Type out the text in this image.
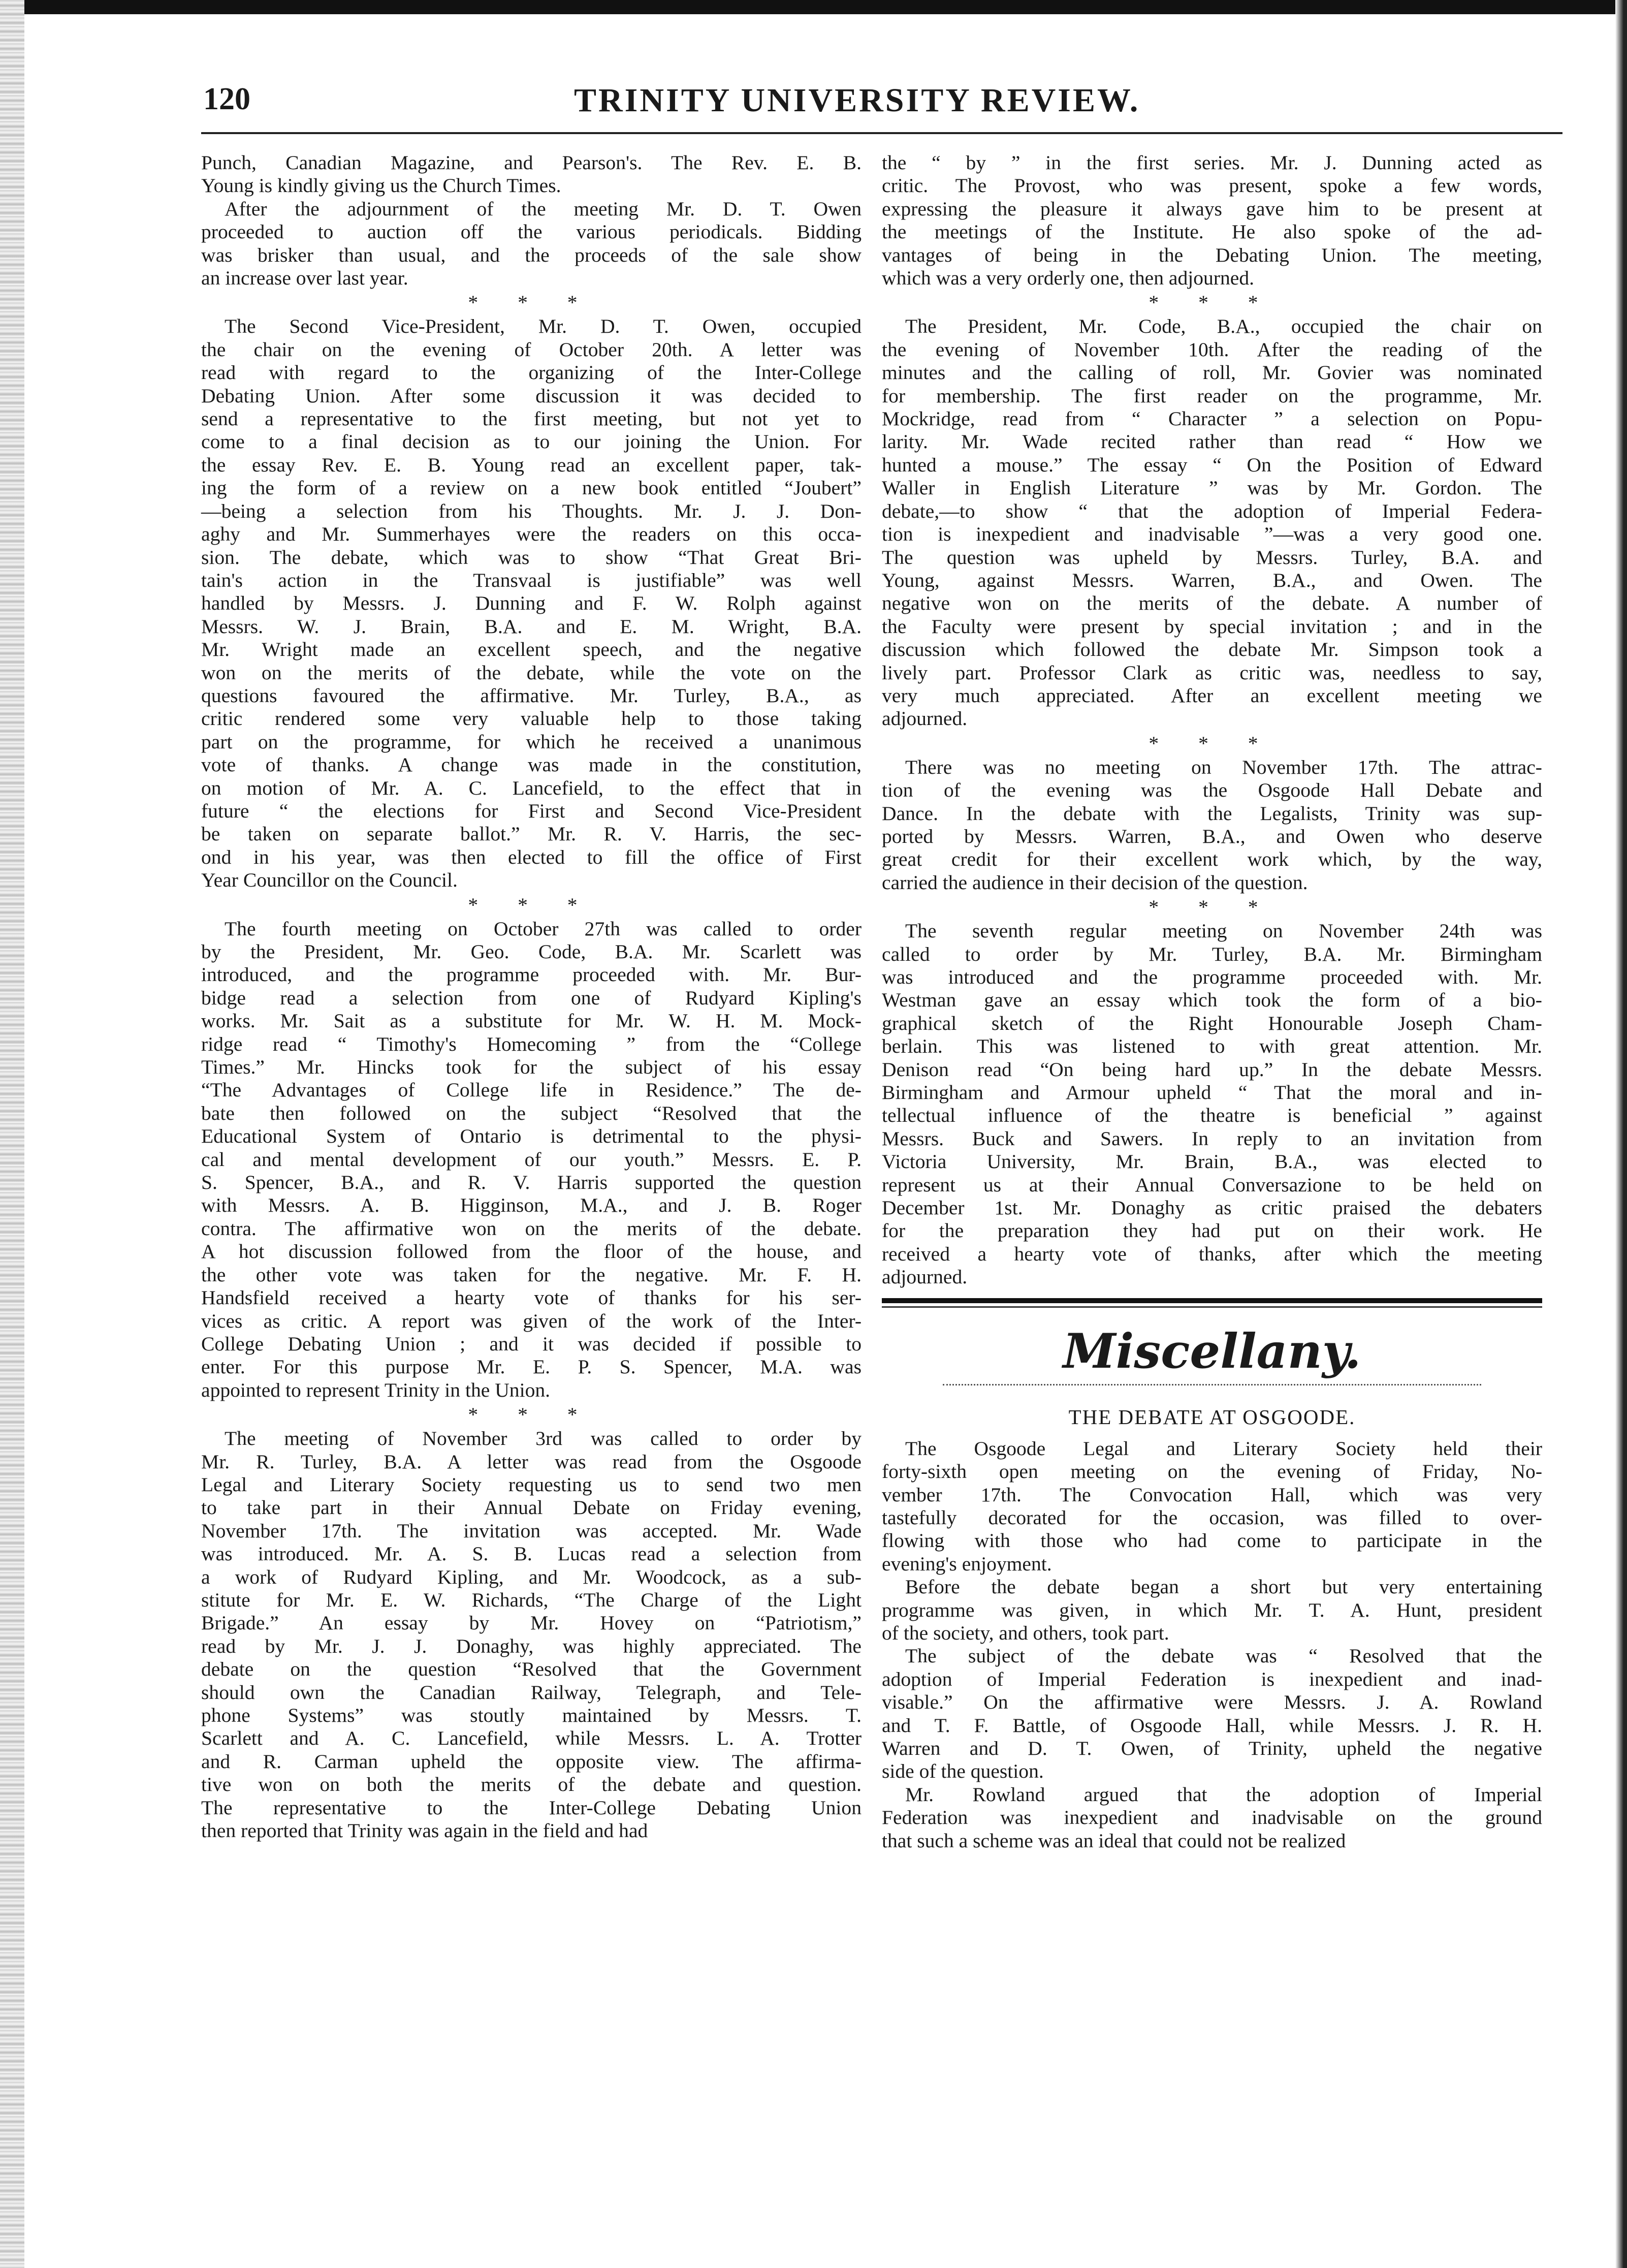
120	TRINITY UNIVERSITY REVIEW.

Punch, Canadian Magazine, and Pearson's. The Rev. E. B.

Young is kindly giving us the Church Times.

After the adjournment of the meeting Mr. D. T. Owen

proceeded to auction off the various periodicals. Bidding

was brisker than usual, and the proceeds of the sale show

an increase over last year.

* * *

The Second Vice-President, Mr. D. T. Owen, occupied

the chair on the evening of October 20th. A letter was

read with regard to the organizing of the Inter-College

Debating Union. After some discussion it was decided to

send a representative to the first meeting, but not yet to

come to a final decision as to our joining the Union. For

the essay Rev. E. B. Young read an excellent paper, tak-

ing the form of a review on a new book entitled “Joubert”

—being a selection from his Thoughts. Mr. J. J. Don-

aghy and Mr. Summerhayes were the readers on this occa-

sion. The debate, which was to show “That Great Bri-

tain's action in the Transvaal is justifiable” was well

handled by Messrs. J. Dunning and F. W. Rolph against

Messrs. W. J. Brain, B.A. and E. M. Wright, B.A.

Mr. Wright made an excellent speech, and the negative

won on the merits of the debate, while the vote on the

questions favoured the affirmative. Mr. Turley, B.A., as

critic rendered some very valuable help to those taking

part on the programme, for which he received a unanimous

vote of thanks. A change was made in the constitution,

on motion of Mr. A. C. Lancefield, to the effect that in

future “ the elections for First and Second Vice-President

be taken on separate ballot.” Mr. R. V. Harris, the sec-

ond in his year, was then elected to fill the office of First

Year Councillor on the Council.

* * *

The fourth meeting on October 27th was called to order

by the President, Mr. Geo. Code, B.A. Mr. Scarlett was

introduced, and the programme proceeded with. Mr. Bur-

bidge read a selection from one of Rudyard Kipling's

works. Mr. Sait as a substitute for Mr. W. H. M. Mock-

ridge read “ Timothy's Homecoming ” from the “College

Times.” Mr. Hincks took for the subject of his essay

“The Advantages of College life in Residence.” The de-

bate then followed on the subject “Resolved that the

Educational System of Ontario is detrimental to the physi-

cal and mental development of our youth.” Messrs. E. P.

S. Spencer, B.A., and R. V. Harris supported the question

with Messrs. A. B. Higginson, M.A., and J. B. Roger

contra. The affirmative won on the merits of the debate.

A hot discussion followed from the floor of the house, and

the other vote was taken for the negative. Mr. F. H.

Handsfield received a hearty vote of thanks for his ser-

vices as critic. A report was given of the work of the Inter-

College Debating Union ; and it was decided if possible to

enter. For this purpose Mr. E. P. S. Spencer, M.A. was

appointed to represent Trinity in the Union.

* * *

The meeting of November 3rd was called to order by

Mr. R. Turley, B.A. A letter was read from the Osgoode

Legal and Literary Society requesting us to send two men

to take part in their Annual Debate on Friday evening,

November 17th. The invitation was accepted. Mr. Wade

was introduced. Mr. A. S. B. Lucas read a selection from

a work of Rudyard Kipling, and Mr. Woodcock, as a sub-

stitute for Mr. E. W. Richards, “The Charge of the Light

Brigade.” An essay by Mr. Hovey on “Patriotism,”

read by Mr. J. J. Donaghy, was highly appreciated. The

debate on the question “Resolved that the Government

should own the Canadian Railway, Telegraph, and Tele-

phone Systems” was stoutly maintained by Messrs. T.

Scarlett and A. C. Lancefield, while Messrs. L. A. Trotter

and R. Carman upheld the opposite view. The affirma-

tive won on both the merits of the debate and question.

The representative to the Inter-College Debating Union

then reported that Trinity was again in the field and had

the “ by ” in the first series. Mr. J. Dunning acted as

critic. The Provost, who was present, spoke a few words,

expressing the pleasure it always gave him to be present at

the meetings of the Institute. He also spoke of the ad-

vantages of being in the Debating Union. The meeting,

which was a very orderly one, then adjourned.

* * *

The President, Mr. Code, B.A., occupied the chair on

the evening of November 10th. After the reading of the

minutes and the calling of roll, Mr. Govier was nominated

for membership. The first reader on the programme, Mr.

Mockridge, read from “ Character ” a selection on Popu-

larity. Mr. Wade recited rather than read “ How we

hunted a mouse.” The essay “ On the Position of Edward

Waller in English Literature ” was by Mr. Gordon. The

debate,—to show “ that the adoption of Imperial Federa-

tion is inexpedient and inadvisable ”—was a very good one.

The question was upheld by Messrs. Turley, B.A. and

Young, against Messrs. Warren, B.A., and Owen. The

negative won on the merits of the debate. A number of

the Faculty were present by special invitation ; and in the

discussion which followed the debate Mr. Simpson took a

lively part. Professor Clark as critic was, needless to say,

very much appreciated. After an excellent meeting we

adjourned.

* * *

There was no meeting on November 17th. The attrac-

tion of the evening was the Osgoode Hall Debate and

Dance. In the debate with the Legalists, Trinity was sup-

ported by Messrs. Warren, B.A., and Owen who deserve

great credit for their excellent work which, by the way,

carried the audience in their decision of the question.

* * *

The seventh regular meeting on November 24th was

called to order by Mr. Turley, B.A. Mr. Birmingham

was introduced and the programme proceeded with. Mr.

Westman gave an essay which took the form of a bio-

graphical sketch of the Right Honourable Joseph Cham-

berlain. This was listened to with great attention. Mr.

Denison read “On being hard up.” In the debate Messrs.

Birmingham and Armour upheld “ That the moral and in-

tellectual influence of the theatre is beneficial ” against

Messrs. Buck and Sawers. In reply to an invitation from

Victoria University, Mr. Brain, B.A., was elected to

represent us at their Annual Conversazione to be held on

December 1st. Mr. Donaghy as critic praised the debaters

for the preparation they had put on their work. He

received a hearty vote of thanks, after which the meeting

adjourned.

Miscellany.
THE DEBATE AT OSGOODE.

The Osgoode Legal and Literary Society held their

forty-sixth open meeting on the evening of Friday, No-

vember 17th. The Convocation Hall, which was very

tastefully decorated for the occasion, was filled to over-

flowing with those who had come to participate in the

evening's enjoyment.

Before the debate began a short but very entertaining

programme was given, in which Mr. T. A. Hunt, president

of the society, and others, took part.

The subject of the debate was “ Resolved that the

adoption of Imperial Federation is inexpedient and inad-

visable.” On the affirmative were Messrs. J. A. Rowland

and T. F. Battle, of Osgoode Hall, while Messrs. J. R. H.

Warren and D. T. Owen, of Trinity, upheld the negative

side of the question.

Mr. Rowland argued that the adoption of Imperial

Federation was inexpedient and inadvisable on the ground

that such a scheme was an ideal that could not be realized
